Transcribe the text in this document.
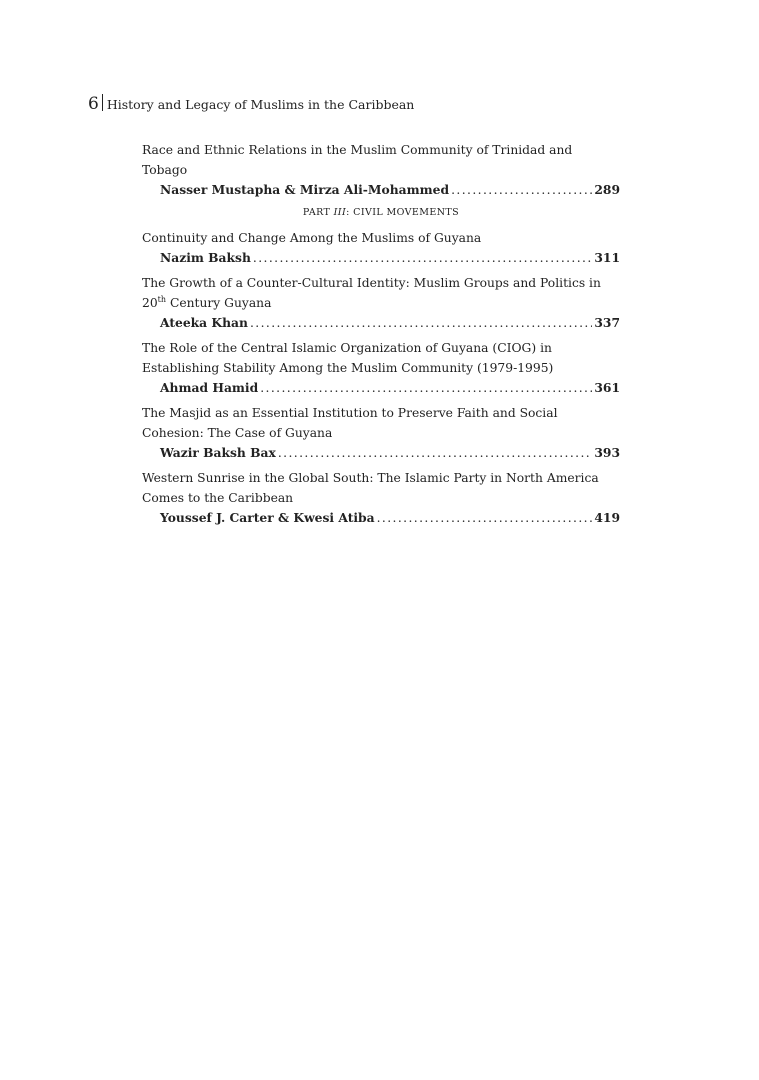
6 History and Legacy of Muslims in the Caribbean
Race and Ethnic Relations in the Muslim Community of Trinidad and Tobago
Nasser Mustapha & Mirza Ali-Mohammed .....	289
PART III: CIVIL MOVEMENTS
Continuity and Change Among the Muslims of Guyana
Nazim Baksh .....	311
The Growth of a Counter-Cultural Identity: Muslim Groups and Politics in 20th Century Guyana
Ateeka Khan .....	337
The Role of the Central Islamic Organization of Guyana (CIOG) in Establishing Stability Among the Muslim Community (1979-1995)
Ahmad Hamid .....	361
The Masjid as an Essential Institution to Preserve Faith and Social Cohesion: The Case of Guyana
Wazir Baksh Bax .....	393
Western Sunrise in the Global South: The Islamic Party in North America Comes to the Caribbean
Youssef J. Carter & Kwesi Atiba .....	419
